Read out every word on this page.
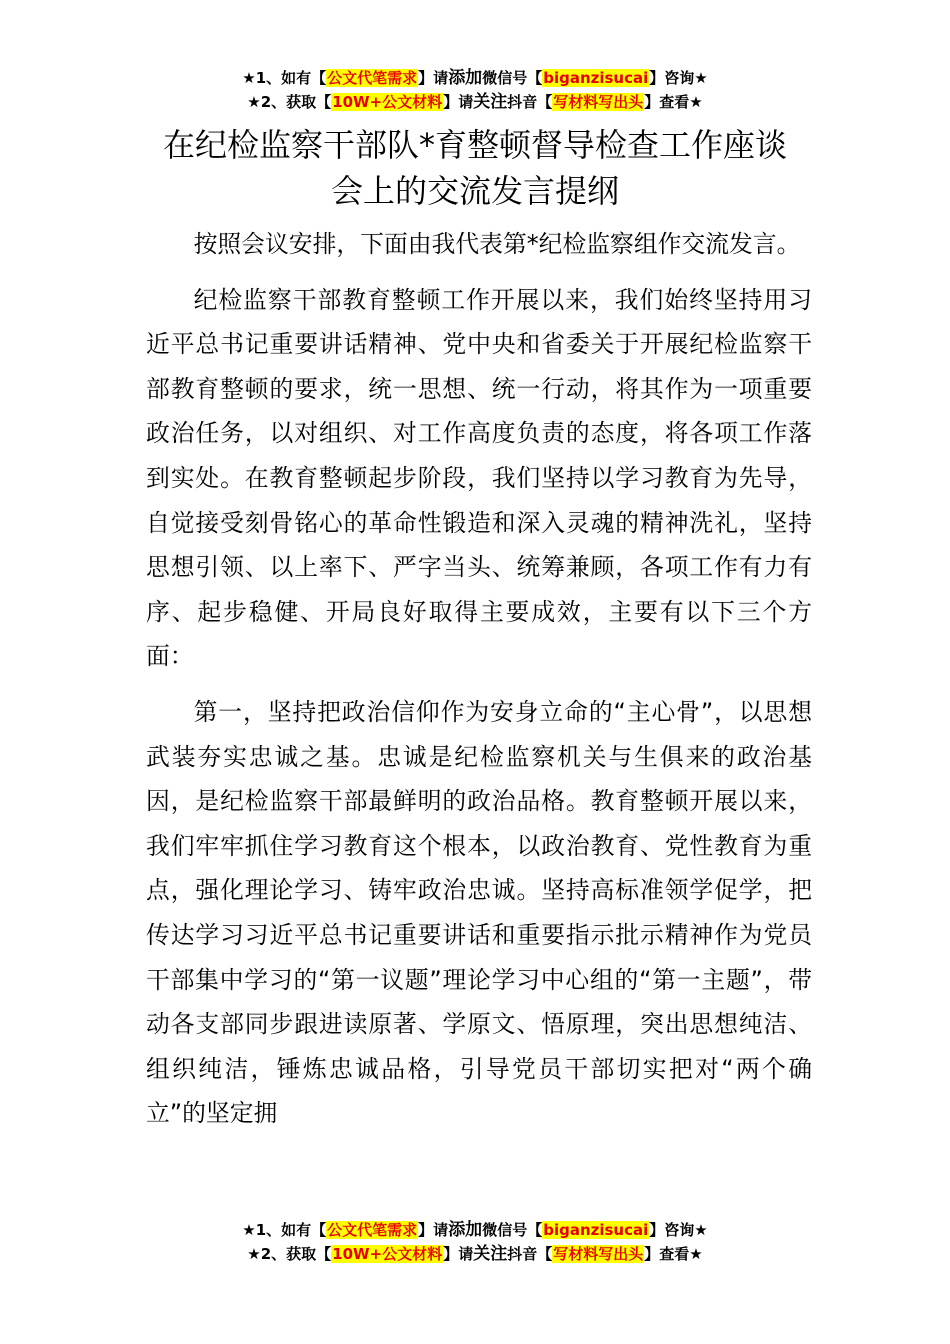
★1、如有【公文代笔需求】请添加微信号【biganzisucai】咨询★
★2、获取【10W+公文材料】请关注抖音【写材料写出头】查看★
在纪检监察干部队*育整顿督导检查工作座谈
会上的交流发言提纲

按照会议安排，下面由我代表第*纪检监察组作交流发言。

纪检监察干部教育整顿工作开展以来，我们始终坚持用习近平总书记重要讲话精神、党中央和省委关于开展纪检监察干部教育整顿的要求，统一思想、统一行动，将其作为一项重要政治任务，以对组织、对工作高度负责的态度，将各项工作落到实处。在教育整顿起步阶段，我们坚持以学习教育为先导，自觉接受刻骨铭心的革命性锻造和深入灵魂的精神洗礼，坚持思想引领、以上率下、严字当头、统筹兼顾，各项工作有力有序、起步稳健、开局良好取得主要成效，主要有以下三个方面：

第一，坚持把政治信仰作为安身立命的“主心骨”，以思想武装夯实忠诚之基。忠诚是纪检监察机关与生俱来的政治基因，是纪检监察干部最鲜明的政治品格。教育整顿开展以来，我们牢牢抓住学习教育这个根本，以政治教育、党性教育为重点，强化理论学习、铸牢政治忠诚。坚持高标准领学促学，把传达学习习近平总书记重要讲话和重要指示批示精神作为党员干部集中学习的“第一议题”理论学习中心组的“第一主题”，带动各支部同步跟进读原著、学原文、悟原理，突出思想纯洁、组织纯洁，锤炼忠诚品格，引导党员干部切实把对“两个确立”的坚定拥

★1、如有【公文代笔需求】请添加微信号【biganzisucai】咨询★
★2、获取【10W+公文材料】请关注抖音【写材料写出头】查看★
